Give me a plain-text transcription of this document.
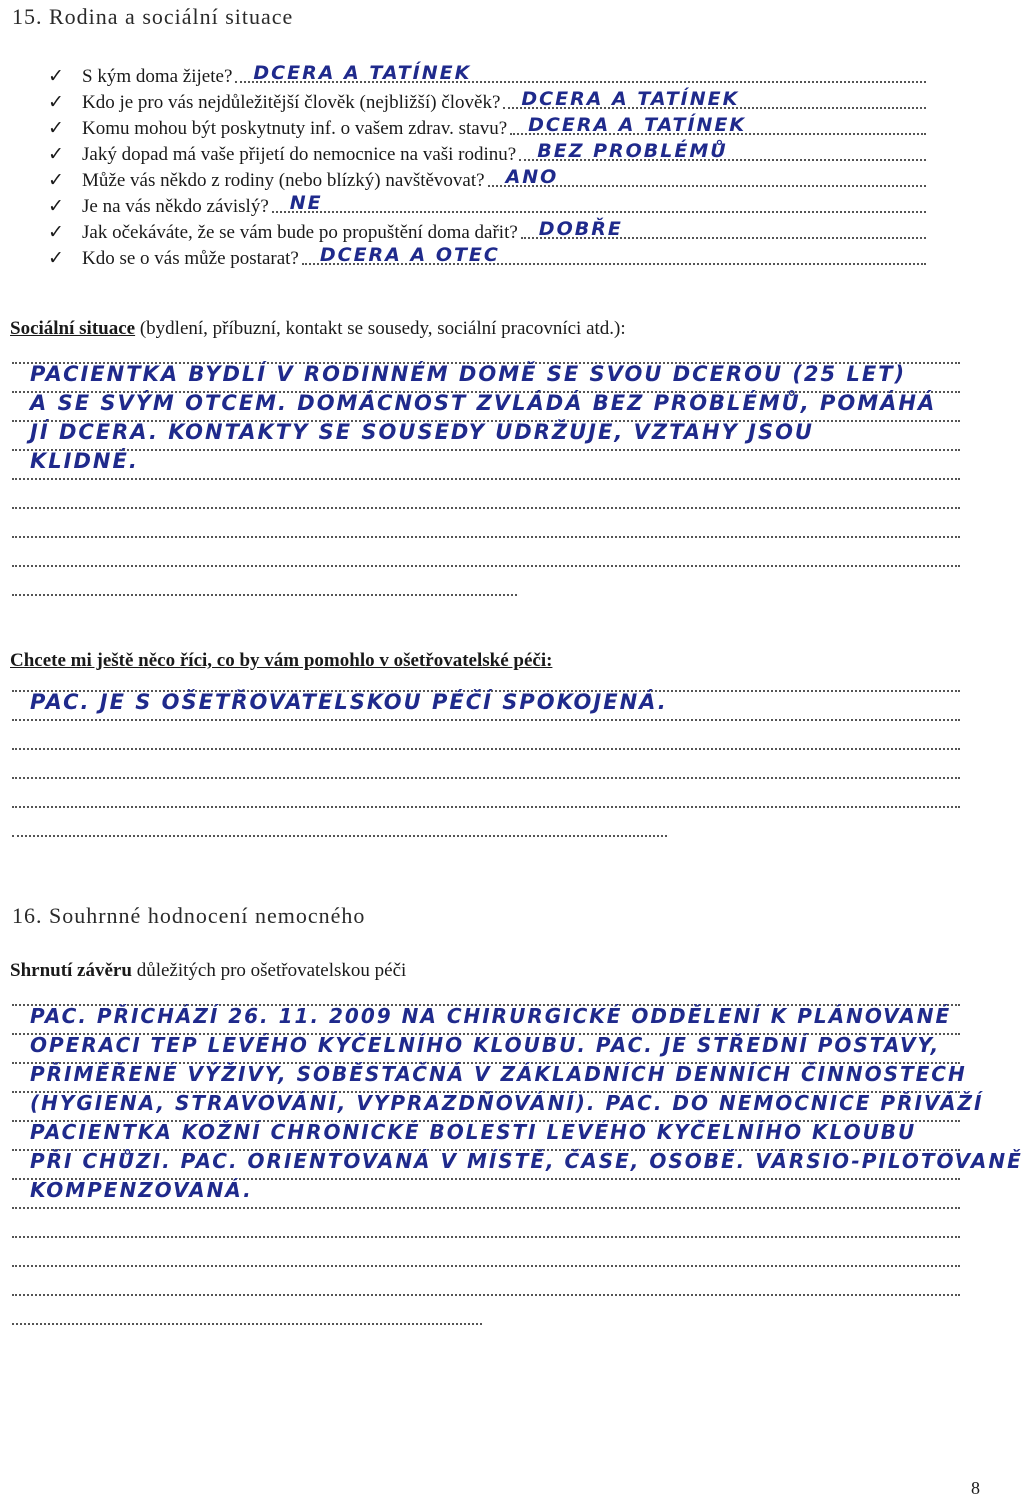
15. Rodina a sociální situace
✓ S kým doma žijete? DCERA A TATÍNEK
✓ Kdo je pro vás nejdůležitější člověk (nejbližší) člověk? DCERA A TATÍNEK
✓ Komu mohou být poskytnuty inf. o vašem zdrav. stavu? DCERA A TATÍNEK
✓ Jaký dopad má vaše přijetí do nemocnice na vaši rodinu? BEZ PROBLÉMŮ
✓ Může vás někdo z rodiny (nebo blízký) navštěvovat? ANO
✓ Je na vás někdo závislý? NE
✓ Jak očekáváte, že se vám bude po propuštění doma dařit? DOBŘE
✓ Kdo se o vás může postarat? DCERA A OTEC
Sociální situace (bydlení, příbuzní, kontakt se sousedy, sociální pracovníci atd.):
PACIENTKA BYDLÍ V RODINNÉM DOMĚ SE SVOU DCEROU (25 LET)
A SE SVÝM OTCEM. DOMÁCNOST ZVLÁDÁ BEZ PROBLÉMŮ, POMÁHÁ
JÍ DCERA. KONTAKTY SE SOUSEDY UDRŽUJE, VZTAHY JSOU
KLIDNÉ.
Chcete mi ještě něco říci, co by vám pomohlo v ošetřovatelské péči:
PAC. JE S OŠETŘOVATELSKOU PÉČÍ SPOKOJENÁ.
16. Souhrnné hodnocení nemocného
Shrnutí závěru důležitých pro ošetřovatelskou péči
PAC. PŘICHÁZÍ 26. 11. 2009 NA CHIRURGICKÉ ODDĚLENÍ K PLÁNOVANÉ
OPERACI TEP LEVÉHO KYČELNÍHO KLOUBU. PAC. JE STŘEDNÍ POSTAVY,
PŘIMĚŘENÉ VÝŽIVY, SOBĚSTAČNÁ V ZÁKLADNÍCH DENNÍCH ČINNOSTECH
(HYGIENA, STRAVOVÁNÍ, VYPRAZDŇOVÁNÍ). PAC. DO NEMOCNICE PŘIVÁŽÍ
PACIENTKA KOŽNÍ CHRONICKÉ BOLESTI LEVÉHO KYČELNÍHO KLOUBU
PŘI CHŮZI. PAC. ORIENTOVANÁ V MÍSTĚ, ČASE, OSOBĚ. VÁRSIO-PILOTOVANĚ
KOMPENZOVANÁ.
8
